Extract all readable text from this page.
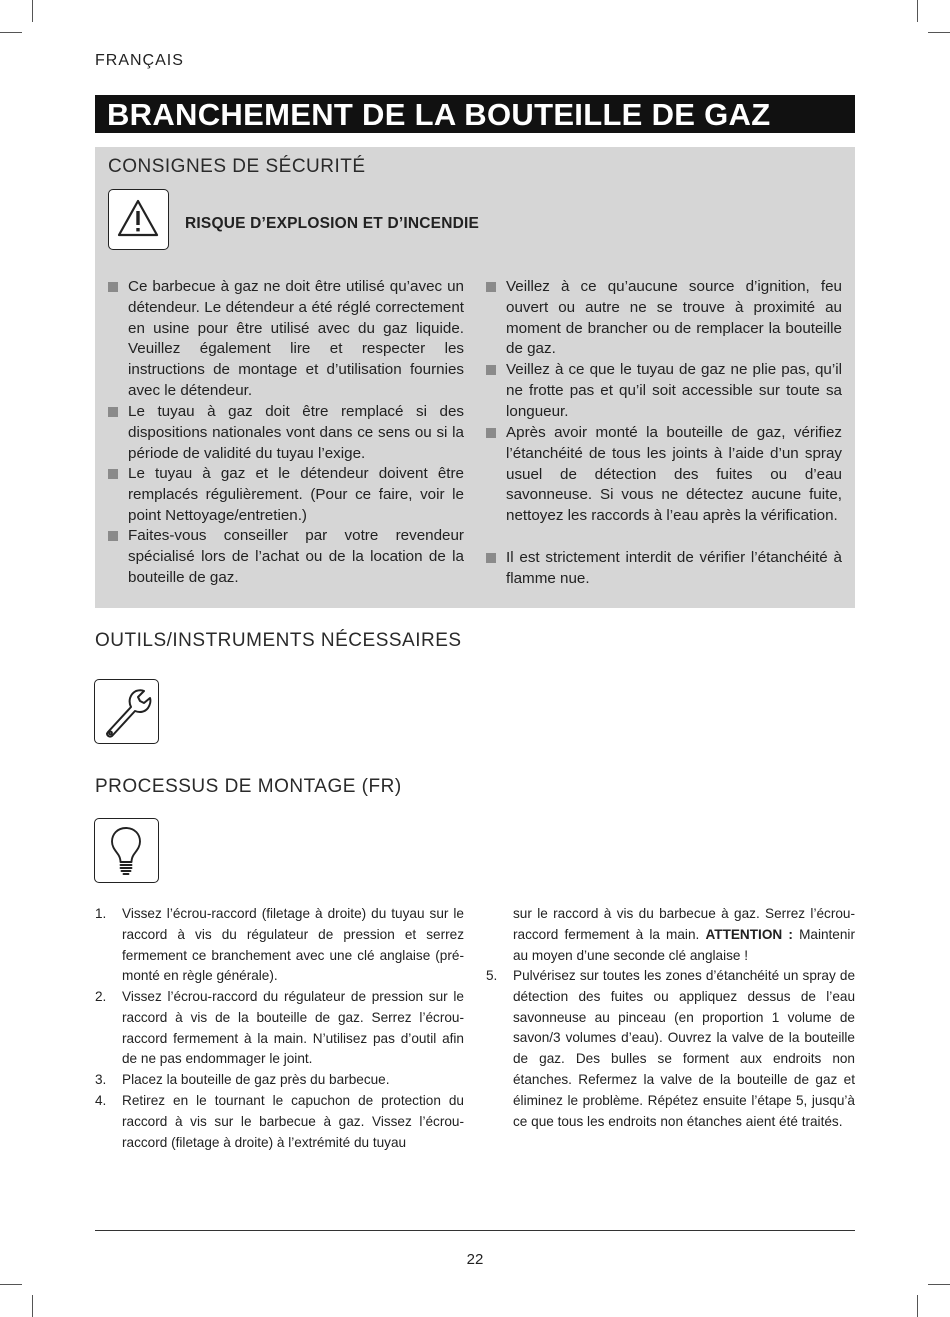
FRANÇAIS
BRANCHEMENT DE LA BOUTEILLE DE GAZ
CONSIGNES DE SÉCURITÉ
RISQUE D’EXPLOSION ET D’INCENDIE
Ce barbecue à gaz ne doit être utilisé qu’avec un détendeur. Le détendeur a été réglé correctement en usine pour être utilisé avec du gaz liquide. Veuillez également lire et respecter les instructions de montage et d’utilisation fournies avec le détendeur.
Le tuyau à gaz doit être remplacé si des dispositions nationales vont dans ce sens ou si la période de validité du tuyau l’exige.
Le tuyau à gaz et le détendeur doivent être remplacés régulièrement. (Pour ce faire, voir le point Nettoyage/entretien.)
Faites-vous conseiller par votre revendeur spécialisé lors de l’achat ou de la location de la bouteille de gaz.
Veillez à ce qu’aucune source d’ignition, feu ouvert ou autre ne se trouve à proximité au moment de brancher ou de remplacer la bouteille de gaz.
Veillez à ce que le tuyau de gaz ne plie pas, qu’il ne frotte pas et qu’il soit accessible sur toute sa longueur.
Après avoir monté la bouteille de gaz, vérifiez l’étanchéité de tous les joints à l’aide d’un spray usuel de détection des fuites ou d’eau savonneuse. Si vous ne détectez aucune fuite, nettoyez les raccords à l’eau après la vérification.
Il est strictement interdit de vérifier l’étanchéité à flamme nue.
OUTILS/INSTRUMENTS NÉCESSAIRES
PROCESSUS DE MONTAGE (FR)
1. Vissez l’écrou-raccord (filetage à droite) du tuyau sur le raccord à vis du régulateur de pression et serrez fermement ce branchement avec une clé anglaise (pré-monté en règle générale).
2. Vissez l’écrou-raccord du régulateur de pression sur le raccord à vis de la bouteille de gaz. Serrez l’écrou-raccord fermement à la main. N’utilisez pas d’outil afin de ne pas endommager le joint.
3. Placez la bouteille de gaz près du barbecue.
4. Retirez en le tournant le capuchon de protection du raccord à vis sur le barbecue à gaz. Vissez l’écrou-raccord (filetage à droite) à l’extrémité du tuyau
sur le raccord à vis du barbecue à gaz. Serrez l’écrou-raccord fermement à la main. ATTENTION : Maintenir au moyen d’une seconde clé anglaise !
5. Pulvérisez sur toutes les zones d’étanchéité un spray de détection des fuites ou appliquez dessus de l’eau savonneuse au pinceau (en proportion 1 volume de savon/3 volumes d’eau). Ouvrez la valve de la bouteille de gaz. Des bulles se forment aux endroits non étanches. Refermez la valve de la bouteille de gaz et éliminez le problème. Répétez ensuite l’étape 5, jusqu’à ce que tous les endroits non étanches aient été traités.
22
